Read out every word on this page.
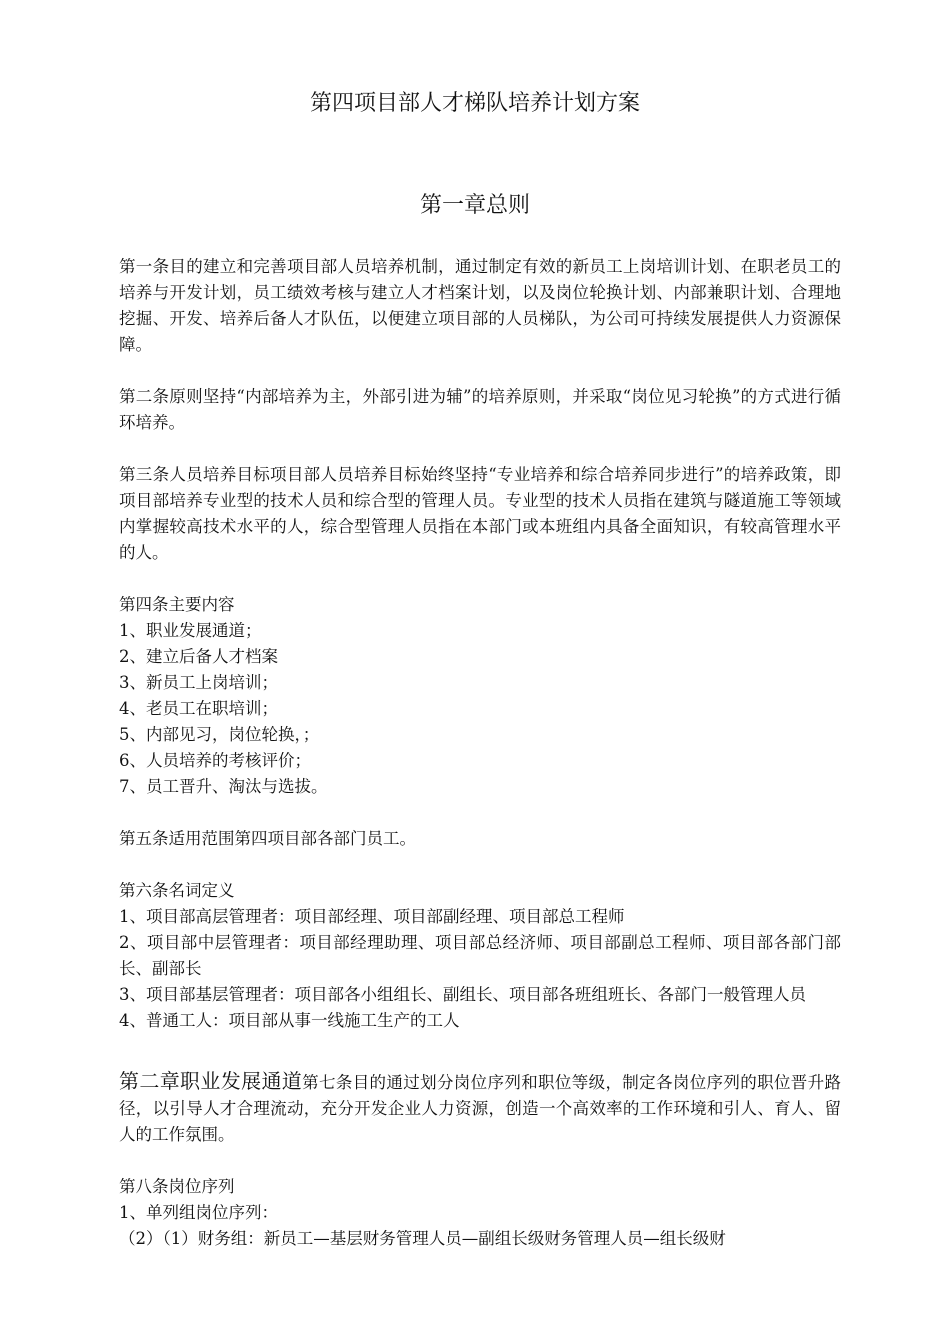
第四项目部人才梯队培养计划方案
第一章总则

第一条目的建立和完善项目部人员培养机制，通过制定有效的新员工上岗培训计划、在职老员工的培养与开发计划，员工绩效考核与建立人才档案计划，以及岗位轮换计划、内部兼职计划、合理地挖掘、开发、培养后备人才队伍，以便建立项目部的人员梯队，为公司可持续发展提供人力资源保障。

第二条原则坚持“内部培养为主，外部引进为辅”的培养原则，并采取“岗位见习轮换”的方式进行循环培养。

第三条人员培养目标项目部人员培养目标始终坚持“专业培养和综合培养同步进行”的培养政策，即项目部培养专业型的技术人员和综合型的管理人员。专业型的技术人员指在建筑与隧道施工等领域内掌握较高技术水平的人，综合型管理人员指在本部门或本班组内具备全面知识，有较高管理水平的人。

第四条主要内容

1、职业发展通道；

2、建立后备人才档案

3、新员工上岗培训；

4、老员工在职培训；

5、内部见习，岗位轮换，；

6、人员培养的考核评价；

7、员工晋升、淘汰与选拔。

第五条适用范围第四项目部各部门员工。

第六条名词定义

1、项目部高层管理者：项目部经理、项目部副经理、项目部总工程师

2、项目部中层管理者：项目部经理助理、项目部总经济师、项目部副总工程师、项目部各部门部长、副部长

3、项目部基层管理者：项目部各小组组长、副组长、项目部各班组班长、各部门一般管理人员

4、普通工人：项目部从事一线施工生产的工人

第二章职业发展通道第七条目的通过划分岗位序列和职位等级，制定各岗位序列的职位晋升路径，以引导人才合理流动，充分开发企业人力资源，创造一个高效率的工作环境和引人、育人、留人的工作氛围。

第八条岗位序列

1、单列组岗位序列：

（2）（1）财务组：新员工—基层财务管理人员—副组长级财务管理人员—组长级财
